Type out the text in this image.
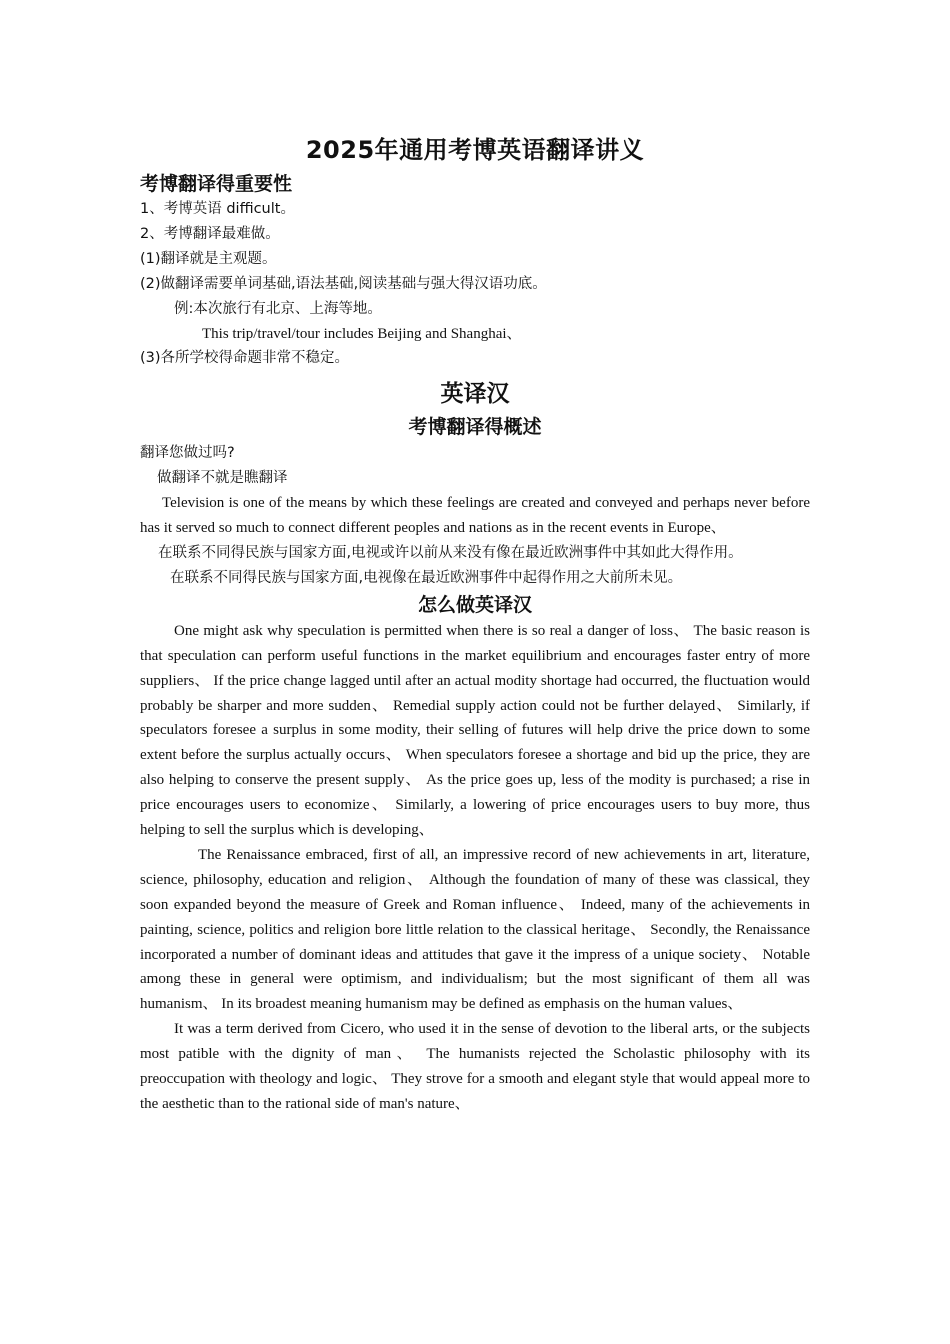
2025年通用考博英语翻译讲义
考博翻译得重要性
1、考博英语 difficult。
2、考博翻译最难做。
(1)翻译就是主观题。
(2)做翻译需要单词基础,语法基础,阅读基础与强大得汉语功底。
例:本次旅行有北京、上海等地。
This trip/travel/tour includes Beijing and Shanghai、
(3)各所学校得命题非常不稳定。
英译汉
考博翻译得概述
翻译您做过吗?
做翻译不就是瞧翻译

Television is one of the means by which these feelings are created and conveyed and perhaps never before has it served so much to connect different peoples and nations as in the recent events in Europe、

在联系不同得民族与国家方面,电视或许以前从来没有像在最近欧洲事件中其如此大得作用。

在联系不同得民族与国家方面,电视像在最近欧洲事件中起得作用之大前所未见。

怎么做英译汉

One might ask why speculation is permitted when there is so real a danger of loss、 The basic reason is that speculation can perform useful functions in the market equilibrium and encourages faster entry of more suppliers、 If the price change lagged until after an actual modity shortage had occurred, the fluctuation would probably be sharper and more sudden、 Remedial supply action could not be further delayed、 Similarly, if speculators foresee a surplus in some modity, their selling of futures will help drive the price down to some extent before the surplus actually occurs、 When speculators foresee a shortage and bid up the price, they are also helping to conserve the present supply、 As the price goes up, less of the modity is purchased; a rise in price encourages users to economize、 Similarly, a lowering of price encourages users to buy more, thus helping to sell the surplus which is developing、

The Renaissance embraced, first of all, an impressive record of new achievements in art, literature, science, philosophy, education and religion、 Although the foundation of many of these was classical, they soon expanded beyond the measure of Greek and Roman influence、 Indeed, many of the achievements in painting, science, politics and religion bore little relation to the classical heritage、 Secondly, the Renaissance incorporated a number of dominant ideas and attitudes that gave it the impress of a unique society、 Notable among these in general were optimism, and individualism; but the most significant of them all was humanism、 In its broadest meaning humanism may be defined as emphasis on the human values、

It was a term derived from Cicero, who used it in the sense of devotion to the liberal arts, or the subjects most patible with the dignity of man、 The humanists rejected the Scholastic philosophy with its preoccupation with theology and logic、 They strove for a smooth and elegant style that would appeal more to the aesthetic than to the rational side of man's nature、
